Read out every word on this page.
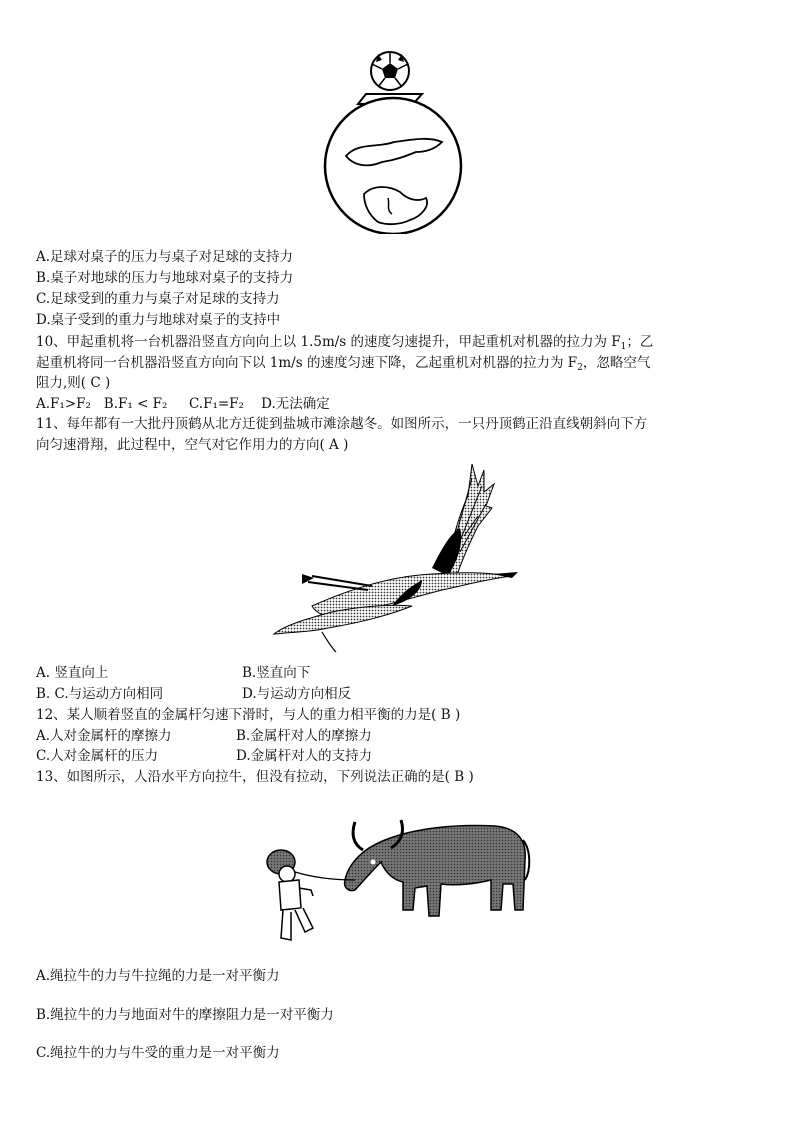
A.足球对桌子的压力与桌子对足球的支持力
B.桌子对地球的压力与地球对桌子的支持力
C.足球受到的重力与桌子对足球的支持力
D.桌子受到的重力与地球对桌子的支持中
10、甲起重机将一台机器沿竖直方向向上以 1.5m/s 的速度匀速提升，甲起重机对机器的拉力为 $F_1$；乙
起重机将同一台机器沿竖直方向向下以 1m/s 的速度匀速下降，乙起重机对机器的拉力为 $F_2$，忽略空气
阻力,则( C )
A.F₁>F₂ B.F₁ < F₂ C.F₁=F₂ D.无法确定
11、每年都有一大批丹顶鹤从北方迁徙到盐城市滩涂越冬。如图所示，一只丹顶鹤正沿直线朝斜向下方
向匀速滑翔，此过程中，空气对它作用力的方向( A )
A. 竖直向上	B.竖直向下
B. C.与运动方向相同	D.与运动方向相反
12、某人顺着竖直的金属杆匀速下滑时，与人的重力相平衡的力是( B )
A.人对金属杆的摩擦力	B.金属杆对人的摩擦力
C.人对金属杆的压力	D.金属杆对人的支持力
13、如图所示，人沿水平方向拉牛，但没有拉动，下列说法正确的是( B )
A.绳拉牛的力与牛拉绳的力是一对平衡力
B.绳拉牛的力与地面对牛的摩擦阻力是一对平衡力
C.绳拉牛的力与牛受的重力是一对平衡力
